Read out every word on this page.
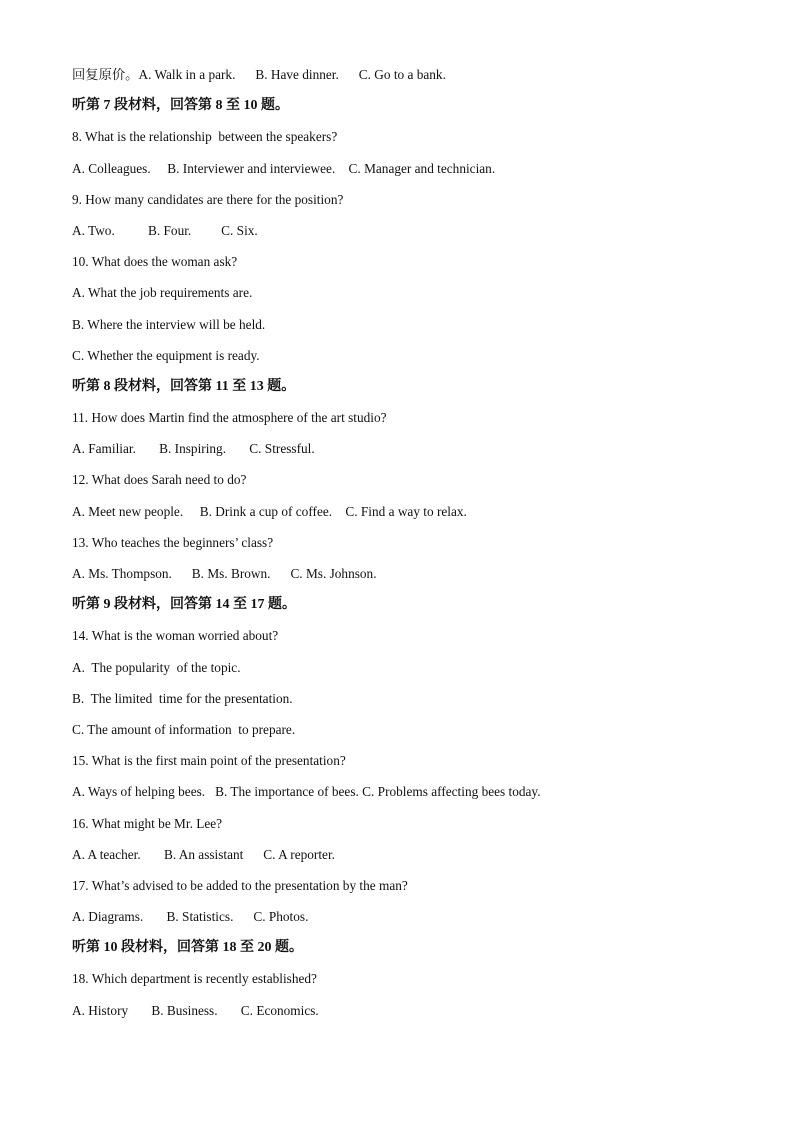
回复原价。A. Walk in a park.      B. Have dinner.      C. Go to a bank.
听第 7 段材料，回答第 8 至 10 题。
8. What is the relationship  between the speakers?
A. Colleagues.     B. Interviewer and interviewee.    C. Manager and technician.
9. How many candidates are there for the position?
A. Two.          B. Four.         C. Six.
10. What does the woman ask?
A. What the job requirements are.
B. Where the interview will be held.
C. Whether the equipment is ready.
听第 8 段材料，回答第 11 至 13 题。
11. How does Martin find the atmosphere of the art studio?
A. Familiar.       B. Inspiring.       C. Stressful.
12. What does Sarah need to do?
A. Meet new people.     B. Drink a cup of coffee.    C. Find a way to relax.
13. Who teaches the beginners’ class?
A. Ms. Thompson.      B. Ms. Brown.      C. Ms. Johnson.
听第 9 段材料，回答第 14 至 17 题。
14. What is the woman worried about?
A.  The popularity  of the topic.
B.  The limited  time for the presentation.
C. The amount of information  to prepare.
15. What is the first main point of the presentation?
A. Ways of helping bees.   B. The importance of bees. C. Problems affecting bees today.
16. What might be Mr. Lee?
A. A teacher.       B. An assistant      C. A reporter.
17. What’s advised to be added to the presentation by the man?
A. Diagrams.       B. Statistics.      C. Photos.
听第 10 段材料，回答第 18 至 20 题。
18. Which department is recently established?
A. History       B. Business.       C. Economics.
